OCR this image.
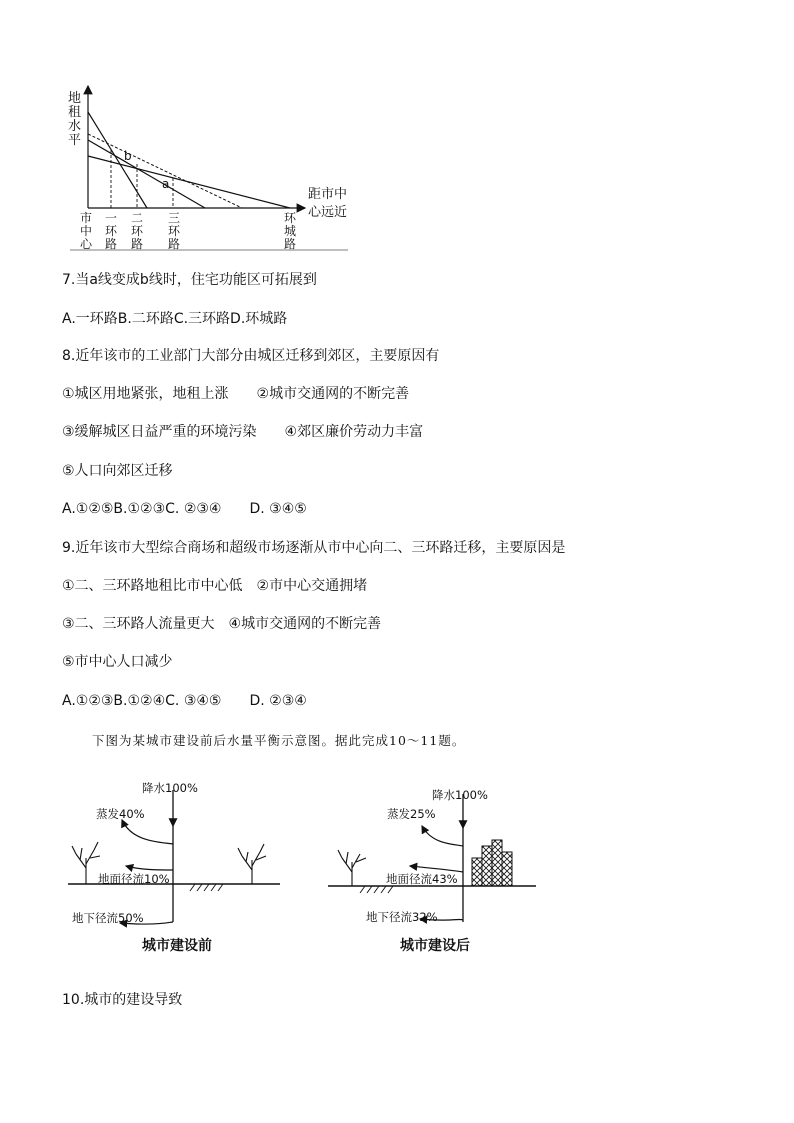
地租水平
距市中
心远近
b
a
市中心
一环路
二环路
三环路
环城路
7.当a线变成b线时，住宅功能区可拓展到
A.一环路B.二环路C.三环路D.环城路
8.近年该市的工业部门大部分由城区迁移到郊区，主要原因有
①城区用地紧张，地租上涨　　②城市交通网的不断完善
③缓解城区日益严重的环境污染　　④郊区廉价劳动力丰富
⑤人口向郊区迁移
A.①②⑤B.①②③C. ②③④　　D. ③④⑤
9.近年该市大型综合商场和超级市场逐渐从市中心向二、三环路迁移，主要原因是
①二、三环路地租比市中心低　②市中心交通拥堵
③二、三环路人流量更大　④城市交通网的不断完善
⑤市中心人口减少
A.①②③B.①②④C. ③④⑤　　D. ②③④
下图为某城市建设前后水量平衡示意图。据此完成10～11题。
降水100%
蒸发40%
地面径流10%
地下径流50%
城市建设前
降水100%
蒸发25%
地面径流43%
地下径流32%
城市建设后
10.城市的建设导致
